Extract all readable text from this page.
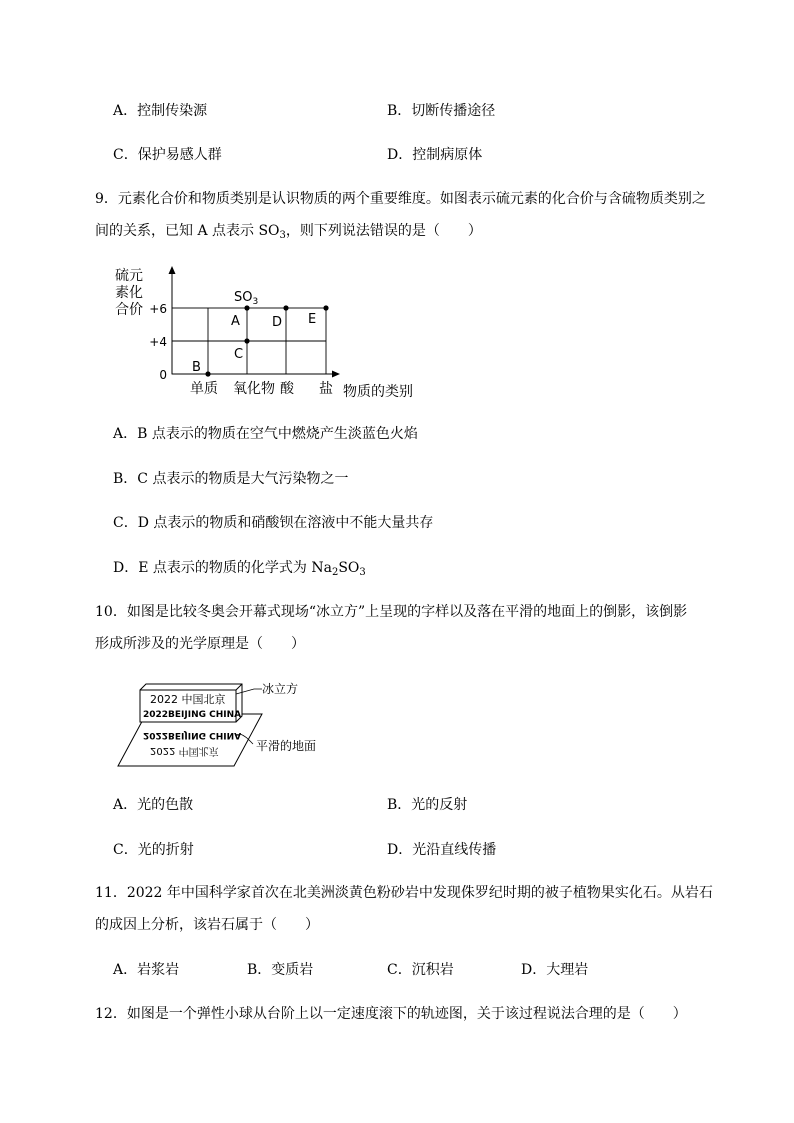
A．控制传染源	B．切断传播途径
C．保护易感人群	D．控制病原体
9．元素化合价和物质类别是认识物质的两个重要维度。如图表示硫元素的化合价与含硫物质类别之
间的关系，已知 A 点表示 $SO_3$，则下列说法错误的是（　　）
硫元
素化
合价 +6
+4
0
单质 氧化物 酸 盐 物质的类别
$SO_3$
A D E
C
B
A．B 点表示的物质在空气中燃烧产生淡蓝色火焰
B．C 点表示的物质是大气污染物之一
C．D 点表示的物质和硝酸钡在溶液中不能大量共存
D．E 点表示的物质的化学式为 $Na_2SO_3$
10．如图是比较冬奥会开幕式现场“冰立方”上呈现的字样以及落在平滑的地面上的倒影，该倒影
形成所涉及的光学原理是（　　）
2022BEIJING CHINA
2022 中国北京
2022 中国北京
2022BEIJING CHINA
冰立方
平滑的地面
A．光的色散	B．光的反射
C．光的折射	D．光沿直线传播
11．2022 年中国科学家首次在北美洲淡黄色粉砂岩中发现侏罗纪时期的被子植物果实化石。从岩石
的成因上分析，该岩石属于（　　）
A．岩浆岩	B．变质岩	C．沉积岩	D．大理岩
12．如图是一个弹性小球从台阶上以一定速度滚下的轨迹图，关于该过程说法合理的是（　　）
